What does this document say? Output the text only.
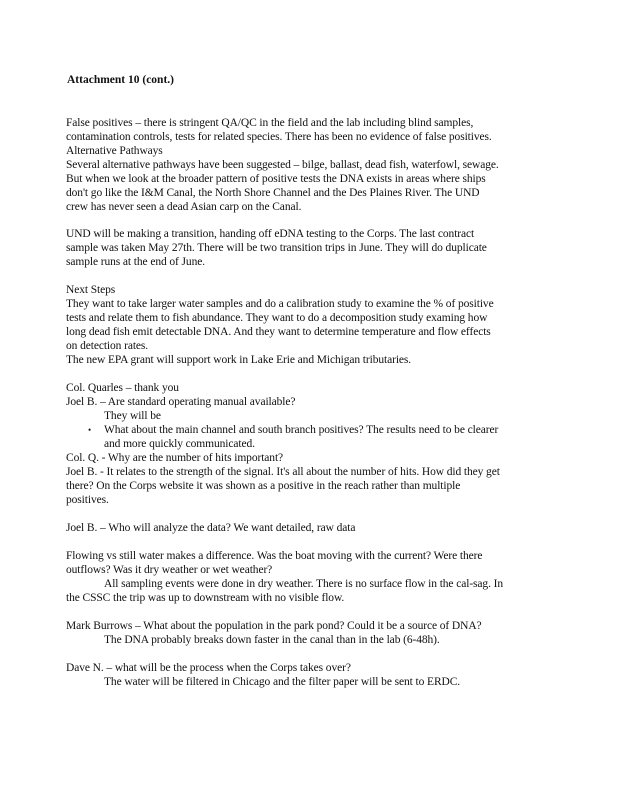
Attachment 10 (cont.)
False positives – there is stringent QA/QC in the field and the lab including blind samples,
contamination controls, tests for related species. There has been no evidence of false positives.
Alternative Pathways
Several alternative pathways have been suggested – bilge, ballast, dead fish, waterfowl, sewage.
But when we look at the broader pattern of positive tests the DNA exists in areas where ships
don't go like the I&M Canal, the North Shore Channel and the Des Plaines River. The UND
crew has never seen a dead Asian carp on the Canal.
UND will be making a transition, handing off eDNA testing to the Corps. The last contract
sample was taken May 27th. There will be two transition trips in June. They will do duplicate
sample runs at the end of June.
Next Steps
They want to take larger water samples and do a calibration study to examine the % of positive
tests and relate them to fish abundance. They want to do a decomposition study examing how
long dead fish emit detectable DNA. And they want to determine temperature and flow effects
on detection rates.
The new EPA grant will support work in Lake Erie and Michigan tributaries.
Col. Quarles – thank you
Joel B. – Are standard operating manual available?
They will be
• What about the main channel and south branch positives? The results need to be clearer
and more quickly communicated.
Col. Q. - Why are the number of hits important?
Joel B. - It relates to the strength of the signal. It's all about the number of hits. How did they get
there? On the Corps website it was shown as a positive in the reach rather than multiple
positives.
Joel B. – Who will analyze the data? We want detailed, raw data
Flowing vs still water makes a difference. Was the boat moving with the current? Were there
outflows? Was it dry weather or wet weather?
All sampling events were done in dry weather. There is no surface flow in the cal-sag. In
the CSSC the trip was up to downstream with no visible flow.
Mark Burrows – What about the population in the park pond? Could it be a source of DNA?
The DNA probably breaks down faster in the canal than in the lab (6-48h).
Dave N. – what will be the process when the Corps takes over?
The water will be filtered in Chicago and the filter paper will be sent to ERDC.
